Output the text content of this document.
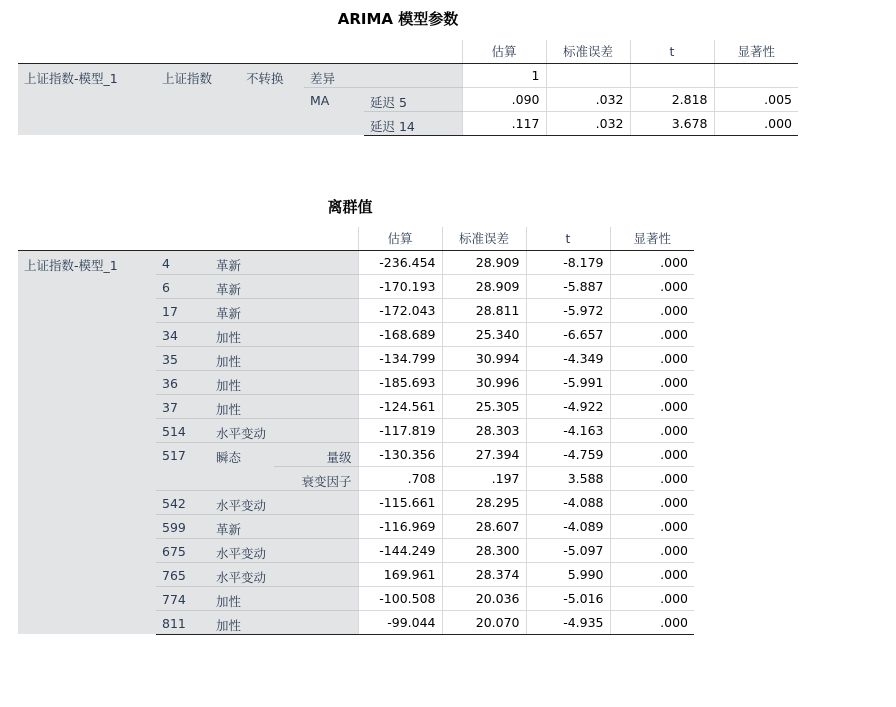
ARIMA 模型参数
					估算	标准误差	t	显著性
上证指数-模型_1	上证指数	不转换	差异		1			
			MA	延迟 5	.090	.032	2.818	.005
				延迟 14	.117	.032	3.678	.000
离群值
				估算	标准误差	t	显著性
上证指数-模型_1	4	革新		-236.454	28.909	-8.179	.000
	6	革新		-170.193	28.909	-5.887	.000
	17	革新		-172.043	28.811	-5.972	.000
	34	加性		-168.689	25.340	-6.657	.000
	35	加性		-134.799	30.994	-4.349	.000
	36	加性		-185.693	30.996	-5.991	.000
	37	加性		-124.561	25.305	-4.922	.000
	514	水平变动		-117.819	28.303	-4.163	.000
	517	瞬态	量级	-130.356	27.394	-4.759	.000
			衰变因子	.708	.197	3.588	.000
	542	水平变动		-115.661	28.295	-4.088	.000
	599	革新		-116.969	28.607	-4.089	.000
	675	水平变动		-144.249	28.300	-5.097	.000
	765	水平变动		169.961	28.374	5.990	.000
	774	加性		-100.508	20.036	-5.016	.000
	811	加性		-99.044	20.070	-4.935	.000
